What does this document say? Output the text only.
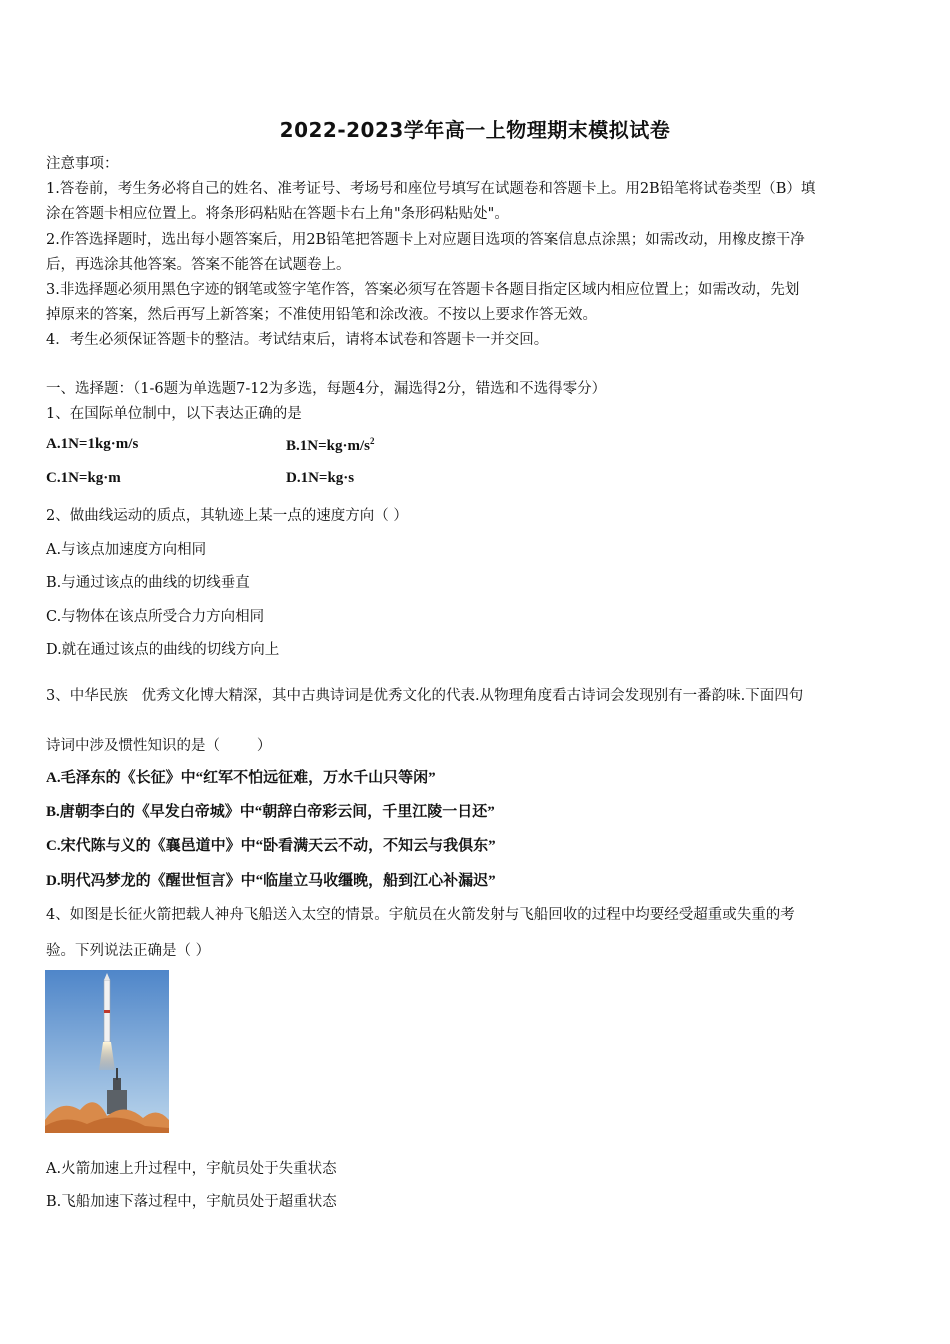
2022-2023学年高一上物理期末模拟试卷
注意事项：
1.答卷前，考生务必将自己的姓名、准考证号、考场号和座位号填写在试题卷和答题卡上。用2B铅笔将试卷类型（B）填
涂在答题卡相应位置上。将条形码粘贴在答题卡右上角"条形码粘贴处"。
2.作答选择题时，选出每小题答案后，用2B铅笔把答题卡上对应题目选项的答案信息点涂黑；如需改动，用橡皮擦干净
后，再选涂其他答案。答案不能答在试题卷上。
3.非选择题必须用黑色字迹的钢笔或签字笔作答，答案必须写在答题卡各题目指定区域内相应位置上；如需改动，先划
掉原来的答案，然后再写上新答案；不准使用铅笔和涂改液。不按以上要求作答无效。
4．考生必须保证答题卡的整洁。考试结束后，请将本试卷和答题卡一并交回。
一、选择题：（1-6题为单选题7-12为多选，每题4分，漏选得2分，错选和不选得零分）
1、在国际单位制中，以下表达正确的是
A.1N=1kg·m/s	$B.1N=kg\cdot m/s^2$
C.1N=kg·m	D.1N=kg·s
2、做曲线运动的质点，其轨迹上某一点的速度方向（ ）
A.与该点加速度方向相同
B.与通过该点的曲线的切线垂直
C.与物体在该点所受合力方向相同
D.就在通过该点的曲线的切线方向上
3、中华民族   优秀文化博大精深，其中古典诗词是优秀文化的代表.从物理角度看古诗词会发现别有一番韵味.下面四句
诗词中涉及惯性知识的是（        ）
A.毛泽东的《长征》中“红军不怕远征难，万水千山只等闲”
B.唐朝李白的《早发白帝城》中“朝辞白帝彩云间，千里江陵一日还”
C.宋代陈与义的《襄邑道中》中“卧看满天云不动，不知云与我俱东”
D.明代冯梦龙的《醒世恒言》中“临崖立马收缰晚，船到江心补漏迟”
4、如图是长征火箭把载人神舟飞船送入太空的情景。宇航员在火箭发射与飞船回收的过程中均要经受超重或失重的考
验。下列说法正确是（ ）
A.火箭加速上升过程中，宇航员处于失重状态
B.飞船加速下落过程中，宇航员处于超重状态
